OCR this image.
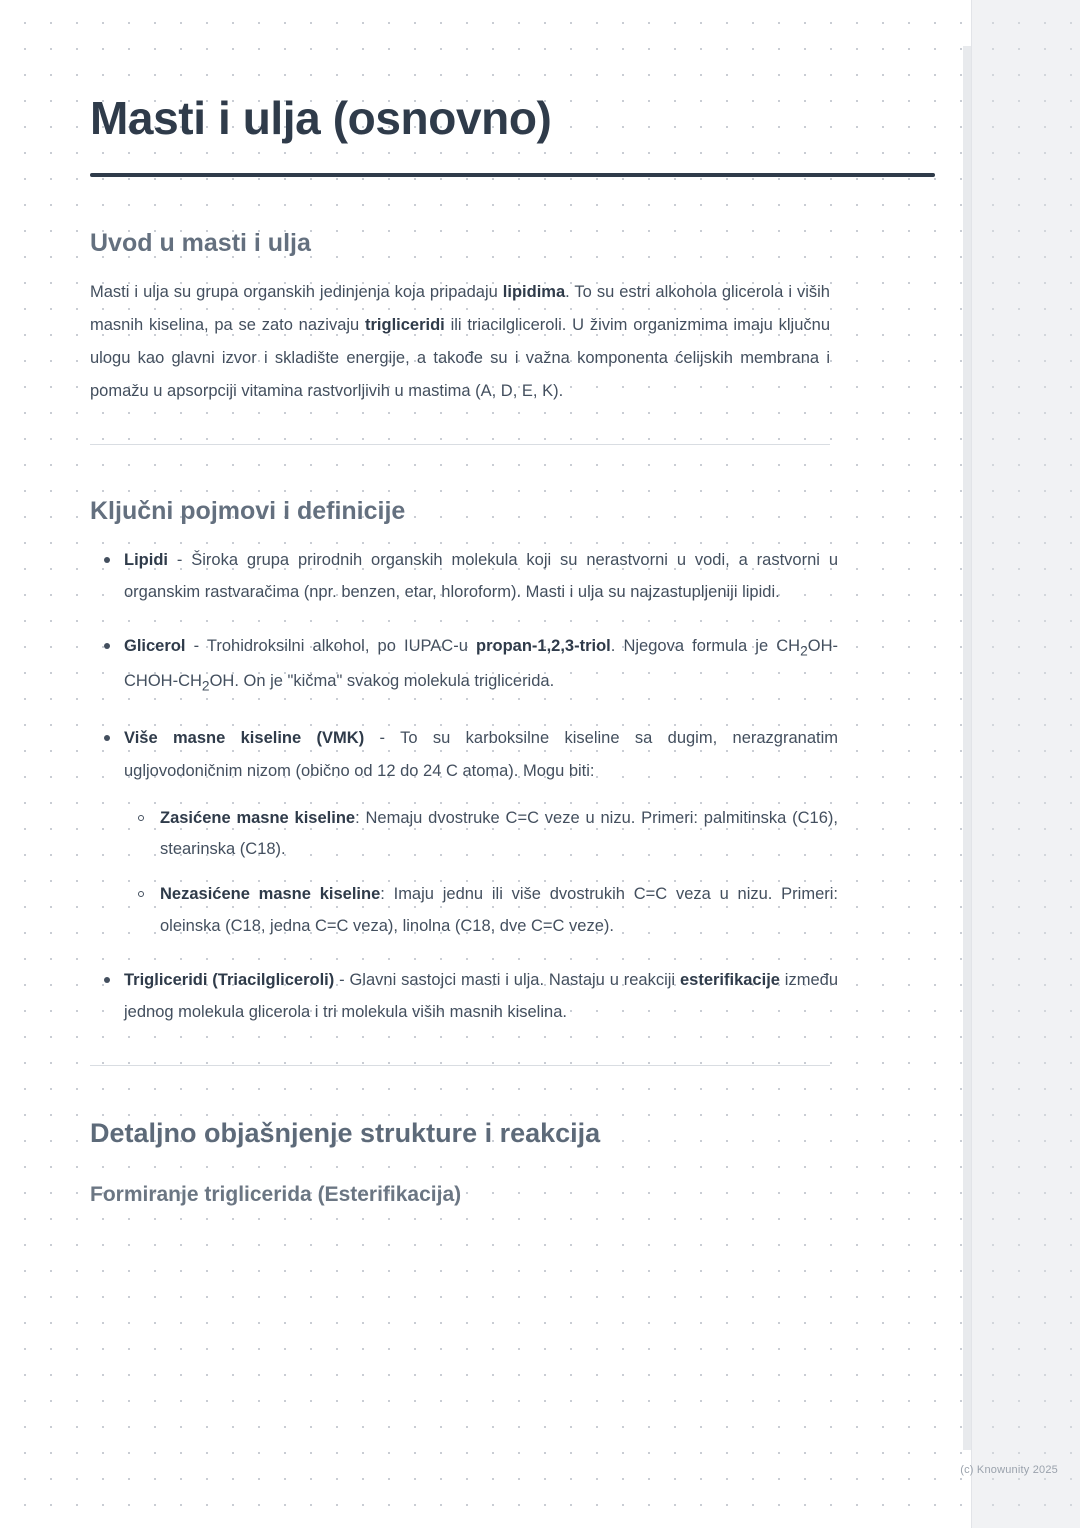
Masti i ulja (osnovno)
Uvod u masti i ulja

Masti i ulja su grupa organskih jedinjenja koja pripadaju lipidima. To su estri alkohola glicerola i viših masnih kiselina, pa se zato nazivaju trigliceridi ili triacilgliceroli. U živim organizmima imaju ključnu ulogu kao glavni izvor i skladište energije, a takođe su i važna komponenta ćelijskih membrana i pomažu u apsorpciji vitamina rastvorljivih u mastima (A, D, E, K).

Ključni pojmovi i definicije
Lipidi - Široka grupa prirodnih organskih molekula koji su nerastvorni u vodi, a rastvorni u organskim rastvaračima (npr. benzen, etar, hloroform). Masti i ulja su najzastupljeniji lipidi.
Glicerol - Trohidroksilni alkohol, po IUPAC-u propan-1,2,3-triol. Njegova formula je $CH_2OH-CHOH-CH_2OH$. On je "kičma" svakog molekula triglicerida.
Više masne kiseline (VMK) - To su karboksilne kiseline sa dugim, nerazgranatim ugljovodoničnim nizom (obično od 12 do 24 C atoma). Mogu biti:
Zasićene masne kiseline: Nemaju dvostruke C=C veze u nizu. Primeri: palmitinska (C16), stearinska (C18).
Nezasićene masne kiseline: Imaju jednu ili više dvostrukih C=C veza u nizu. Primeri: oleinska (C18, jedna C=C veza), linolna (C18, dve C=C veze).
Trigliceridi (Triacilgliceroli) - Glavni sastojci masti i ulja. Nastaju u reakciji esterifikacije između jednog molekula glicerola i tri molekula viših masnih kiselina.
Detaljno objašnjenje strukture i reakcija
Formiranje triglicerida (Esterifikacija)
(c) Knowunity 2025
